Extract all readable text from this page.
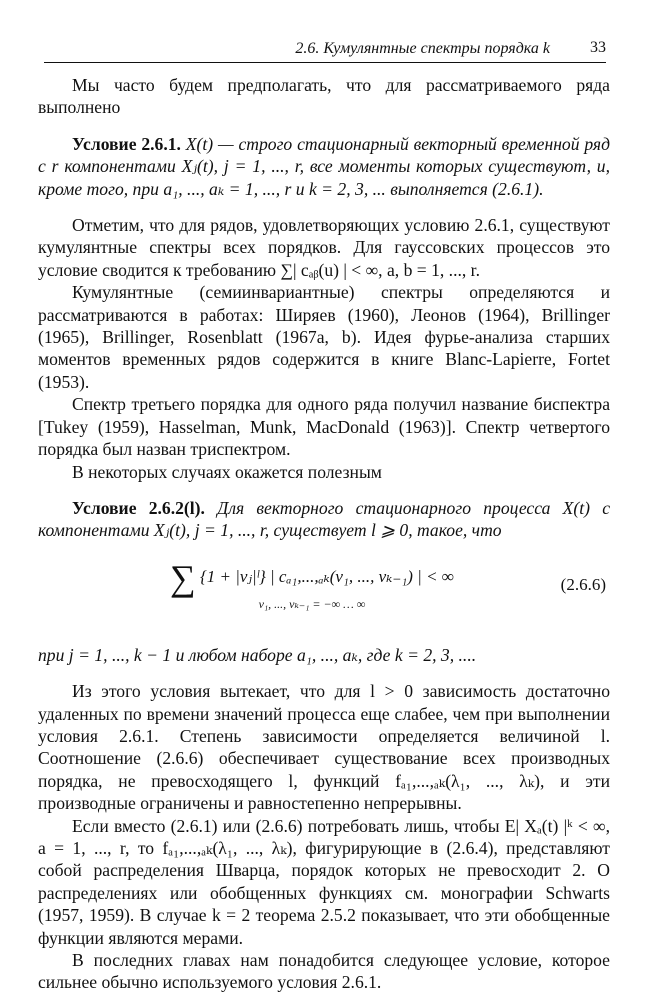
2.6. Кумулянтные спектры порядка k	33

Мы часто будем предполагать, что для рассматриваемого ряда выполнено

Условие 2.6.1. X(t) — строго стационарный векторный временной ряд с r компонентами Xⱼ(t), j = 1, ..., r, все моменты которых существуют, и, кроме того, при a₁, ..., aₖ = 1, ..., r и k = 2, 3, ... выполняется (2.6.1).

Отметим, что для рядов, удовлетворяющих условию 2.6.1, существуют кумулянтные спектры всех порядков. Для гауссовских процессов это условие сводится к требованию ∑| cₐᵦ(u) | < ∞, a, b = 1, ..., r.

Кумулянтные (семиинвариантные) спектры определяются и рассматриваются в работах: Ширяев (1960), Леонов (1964), Brillinger (1965), Brillinger, Rosenblatt (1967a, b). Идея фурье-анализа старших моментов временных рядов содержится в книге Blanc-Lapierre, Fortet (1953).

Спектр третьего порядка для одного ряда получил название биспектра [Tukey (1959), Hasselman, Munk, MacDonald (1963)]. Спектр четвертого порядка был назван триспектром.

В некоторых случаях окажется полезным

Условие 2.6.2(l). Для векторного стационарного процесса X(t) с компонентами Xⱼ(t), j = 1, ..., r, существует l ⩾ 0, такое, что

∑ {1 + |vⱼ|ˡ} | cₐ₁,...,ₐₖ(v₁, ..., vₖ₋₁) | < ∞
v₁, ..., vₖ₋₁ = −∞ … ∞
(2.6.6)

при j = 1, ..., k − 1 и любом наборе a₁, ..., aₖ, где k = 2, 3, ....

Из этого условия вытекает, что для l > 0 зависимость достаточно удаленных по времени значений процесса еще слабее, чем при выполнении условия 2.6.1. Степень зависимости определяется величиной l. Соотношение (2.6.6) обеспечивает существование всех производных порядка, не превосходящего l, функций fₐ₁,...,ₐₖ(λ₁, ..., λₖ), и эти производные ограничены и равностепенно непрерывны.

Если вместо (2.6.1) или (2.6.6) потребовать лишь, чтобы E| Xₐ(t) |ᵏ < ∞, a = 1, ..., r, то fₐ₁,...,ₐₖ(λ₁, ..., λₖ), фигурирующие в (2.6.4), представляют собой распределения Шварца, порядок которых не превосходит 2. О распределениях или обобщенных функциях см. монографии Schwarts (1957, 1959). В случае k = 2 теорема 2.5.2 показывает, что эти обобщенные функции являются мерами.

В последних главах нам понадобится следующее условие, которое сильнее обычно используемого условия 2.6.1.
